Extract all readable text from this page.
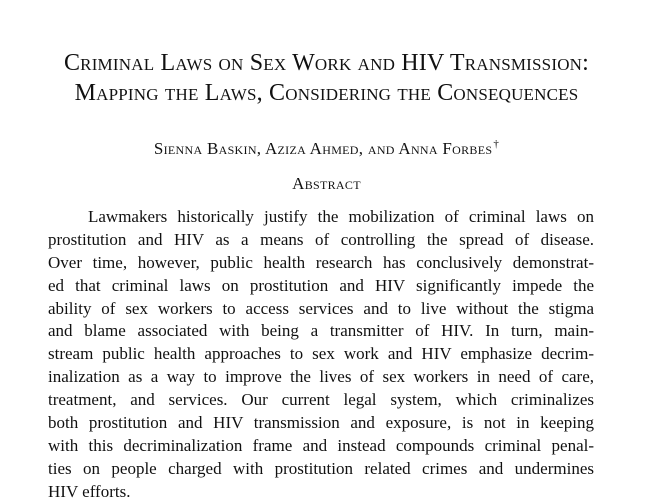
Criminal Laws on Sex Work and HIV Transmission:
Mapping the Laws, Considering the Consequences
Sienna Baskin, Aziza Ahmed, and Anna Forbes†
Abstract
Lawmakers historically justify the mobilization of criminal laws on
prostitution and HIV as a means of controlling the spread of disease.
Over time, however, public health research has conclusively demonstrat-
ed that criminal laws on prostitution and HIV significantly impede the
ability of sex workers to access services and to live without the stigma
and blame associated with being a transmitter of HIV. In turn, main-
stream public health approaches to sex work and HIV emphasize decrim-
inalization as a way to improve the lives of sex workers in need of care,
treatment, and services. Our current legal system, which criminalizes
both prostitution and HIV transmission and exposure, is not in keeping
with this decriminalization frame and instead compounds criminal penal-
ties on people charged with prostitution related crimes and undermines
HIV efforts.
